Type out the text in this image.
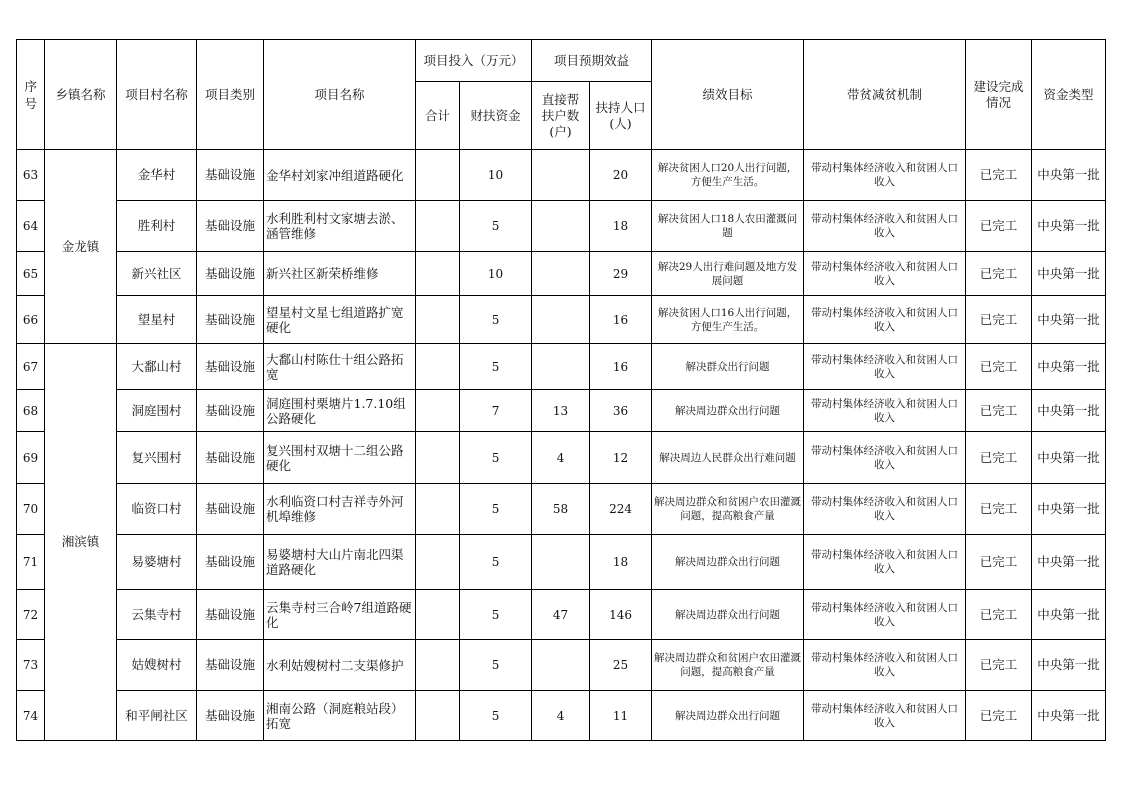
序号	乡镇名称	项目村名称	项目类别	项目名称	项目投入（万元）		项目预期效益		绩效目标	带贫减贫机制	建设完成情况	资金类型
					合计	财扶资金	直接帮扶户数(户)	扶持人口(人)				
63	金龙镇	金华村	基础设施	金华村刘家冲组道路硬化		10		20	解决贫困人口20人出行问题，方便生产生活。	带动村集体经济收入和贫困人口收入	已完工	中央第一批
64		胜利村	基础设施	水利胜利村文家塘去淤、涵管维修		5		18	解决贫困人口18人农田灌溉问题	带动村集体经济收入和贫困人口收入	已完工	中央第一批
65		新兴社区	基础设施	新兴社区新荣桥维修		10		29	解决29人出行难问题及地方发展问题	带动村集体经济收入和贫困人口收入	已完工	中央第一批
66		望星村	基础设施	望星村文星七组道路扩宽硬化		5		16	解决贫困人口16人出行问题，方便生产生活。	带动村集体经济收入和贫困人口收入	已完工	中央第一批
67	湘滨镇	大鄱山村	基础设施	大鄱山村陈仕十组公路拓宽		5		16	解决群众出行问题	带动村集体经济收入和贫困人口收入	已完工	中央第一批
68		洞庭围村	基础设施	洞庭围村栗塘片1.7.10组公路硬化		7	13	36	解决周边群众出行问题	带动村集体经济收入和贫困人口收入	已完工	中央第一批
69		复兴围村	基础设施	复兴围村双塘十二组公路硬化		5	4	12	解决周边人民群众出行难问题	带动村集体经济收入和贫困人口收入	已完工	中央第一批
70		临资口村	基础设施	水利临资口村吉祥寺外河机埠维修		5	58	224	解决周边群众和贫困户农田灌溉问题，提高粮食产量	带动村集体经济收入和贫困人口收入	已完工	中央第一批
71		易婆塘村	基础设施	易婆塘村大山片南北四渠道路硬化		5		18	解决周边群众出行问题	带动村集体经济收入和贫困人口收入	已完工	中央第一批
72		云集寺村	基础设施	云集寺村三合岭7组道路硬化		5	47	146	解决周边群众出行问题	带动村集体经济收入和贫困人口收入	已完工	中央第一批
73		姑嫂树村	基础设施	水利姑嫂树村二支渠修护		5		25	解决周边群众和贫困户农田灌溉问题，提高粮食产量	带动村集体经济收入和贫困人口收入	已完工	中央第一批
74		和平闸社区	基础设施	湘南公路（洞庭粮站段）拓宽		5	4	11	解决周边群众出行问题	带动村集体经济收入和贫困人口收入	已完工	中央第一批
